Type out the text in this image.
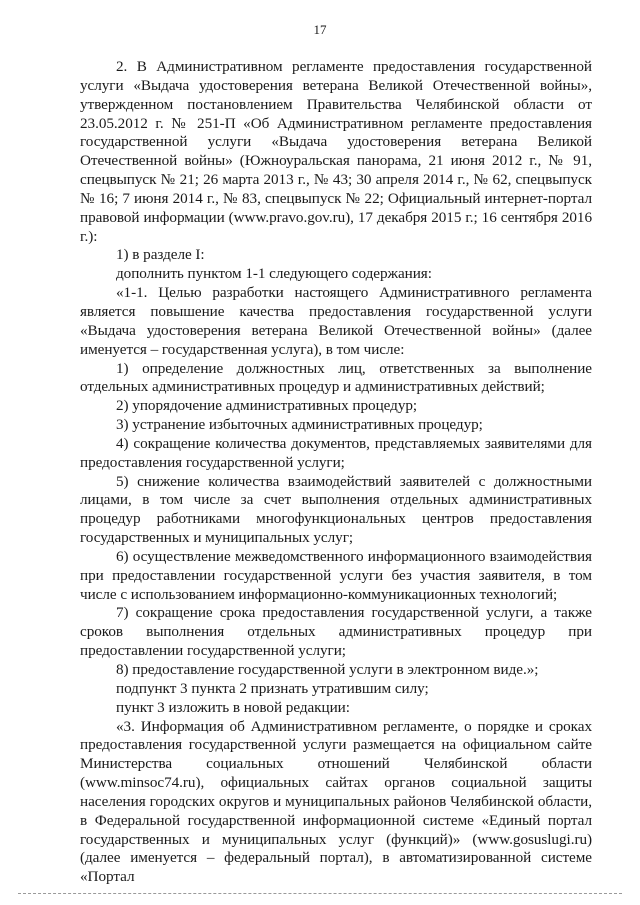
17

2. В Административном регламенте предоставления государственной услуги «Выдача удостоверения ветерана Великой Отечественной войны», утвержденном постановлением Правительства Челябинской области от 23.05.2012 г. № 251-П «Об Административном регламенте предоставления государственной услуги «Выдача удостоверения ветерана Великой Отечественной войны» (Южноуральская панорама, 21 июня 2012 г., № 91, спецвыпуск № 21; 26 марта 2013 г., № 43; 30 апреля 2014 г., № 62, спецвыпуск № 16; 7 июня 2014 г., № 83, спецвыпуск № 22; Официальный интернет-портал правовой информации (www.pravo.gov.ru), 17 декабря 2015 г.; 16 сентября 2016 г.):

1) в разделе I:

дополнить пунктом 1-1 следующего содержания:

«1-1. Целью разработки настоящего Административного регламента является повышение качества предоставления государственной услуги «Выдача удостоверения ветерана Великой Отечественной войны» (далее именуется – государственная услуга), в том числе:

1) определение должностных лиц, ответственных за выполнение отдельных административных процедур и административных действий;

2) упорядочение административных процедур;

3) устранение избыточных административных процедур;

4) сокращение количества документов, представляемых заявителями для предоставления государственной услуги;

5) снижение количества взаимодействий заявителей с должностными лицами, в том числе за счет выполнения отдельных административных процедур работниками многофункциональных центров предоставления государственных и муниципальных услуг;

6) осуществление межведомственного информационного взаимодействия при предоставлении государственной услуги без участия заявителя, в том числе с использованием информационно-коммуникационных технологий;

7) сокращение срока предоставления государственной услуги, а также сроков выполнения отдельных административных процедур при предоставлении государственной услуги;

8) предоставление государственной услуги в электронном виде.»;

подпункт 3 пункта 2 признать утратившим силу;

пункт 3 изложить в новой редакции:

«3. Информация об Административном регламенте, о порядке и сроках предоставления государственной услуги размещается на официальном сайте Министерства социальных отношений Челябинской области (www.minsoc74.ru), официальных сайтах органов социальной защиты населения городских округов и муниципальных районов Челябинской области, в Федеральной государственной информационной системе «Единый портал государственных и муниципальных услуг (функций)» (www.gosuslugi.ru) (далее именуется – федеральный портал), в автоматизированной системе «Портал
